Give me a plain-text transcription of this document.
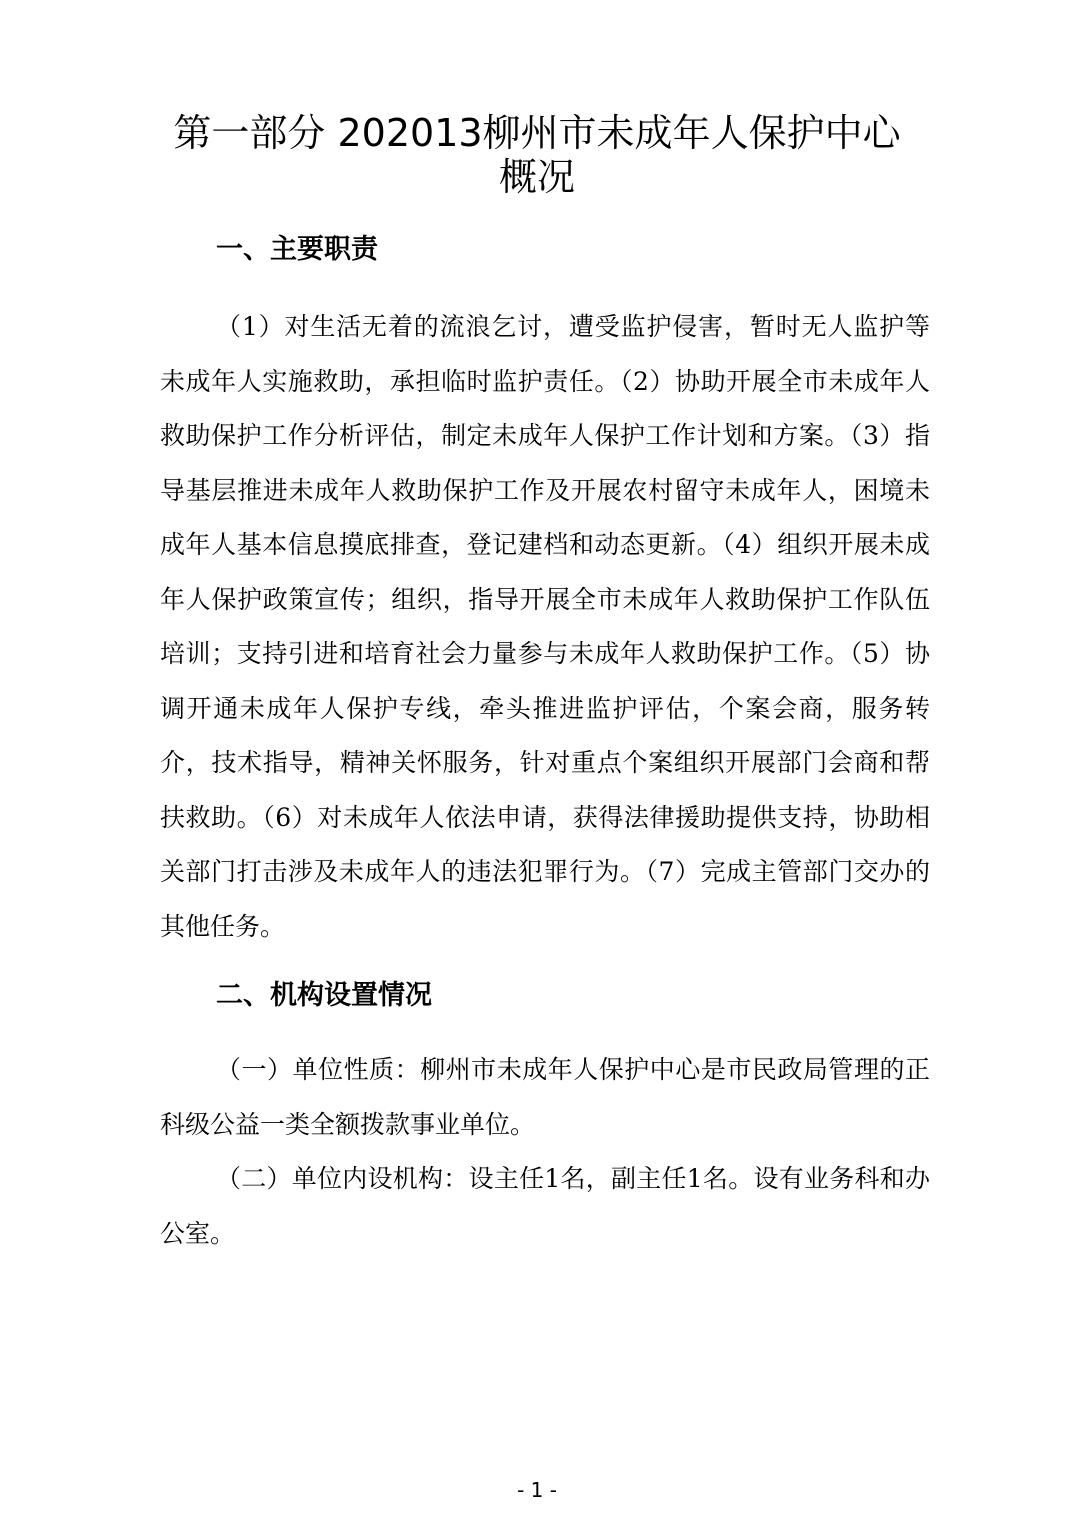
第一部分 202013柳州市未成年人保护中心
概况
一、主要职责

（1）对生活无着的流浪乞讨，遭受监护侵害，暂时无人监护等未成年人实施救助，承担临时监护责任。（2）协助开展全市未成年人救助保护工作分析评估，制定未成年人保护工作计划和方案。（3）指导基层推进未成年人救助保护工作及开展农村留守未成年人，困境未成年人基本信息摸底排查，登记建档和动态更新。（4）组织开展未成年人保护政策宣传；组织，指导开展全市未成年人救助保护工作队伍培训；支持引进和培育社会力量参与未成年人救助保护工作。（5）协调开通未成年人保护专线，牵头推进监护评估，个案会商，服务转介，技术指导，精神关怀服务，针对重点个案组织开展部门会商和帮扶救助。（6）对未成年人依法申请，获得法律援助提供支持，协助相关部门打击涉及未成年人的违法犯罪行为。（7）完成主管部门交办的其他任务。

二、机构设置情况

（一）单位性质：柳州市未成年人保护中心是市民政局管理的正科级公益一类全额拨款事业单位。

（二）单位内设机构：设主任1名，副主任1名。设有业务科和办公室。

- 1 -
